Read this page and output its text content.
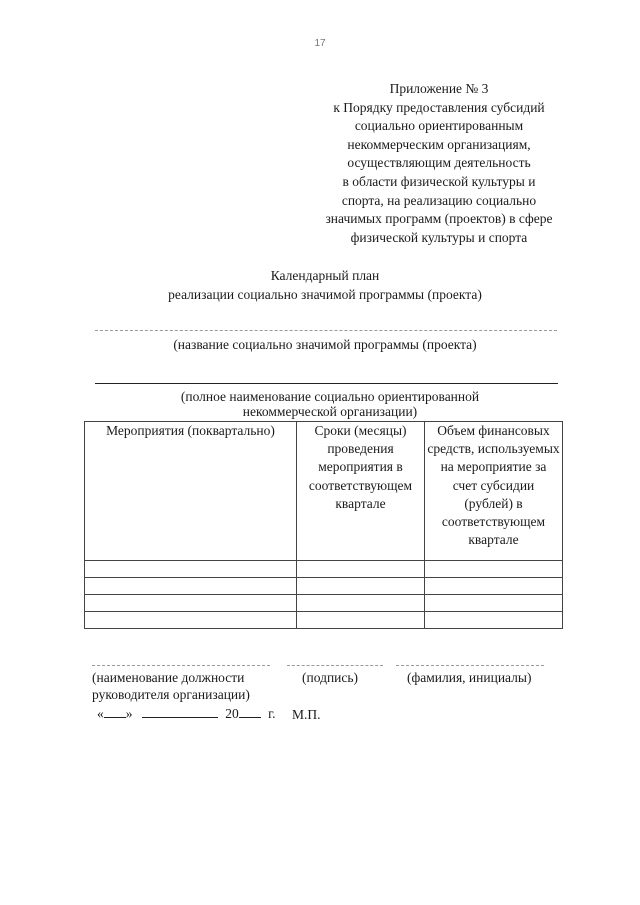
17
Приложение № 3
к Порядку предоставления субсидий
социально ориентированным
некоммерческим организациям,
осуществляющим деятельность
в области физической культуры и
спорта, на реализацию социально
значимых программ (проектов) в сфере
физической культуры и спорта
Календарный план
реализации социально значимой программы (проекта)
(название социально значимой программы (проекта)
(полное наименование социально ориентированной
некоммерческой организации)
Мероприятия (поквартально)	Сроки (месяцы) проведения мероприятия в соответствующем квартале	Объем финансовых средств, используемых на мероприятие за счет субсидии (рублей) в соответствующем квартале

(наименование должности
руководителя организации)
(подпись)	(фамилия, инициалы)
« »	20 г. М.П.
